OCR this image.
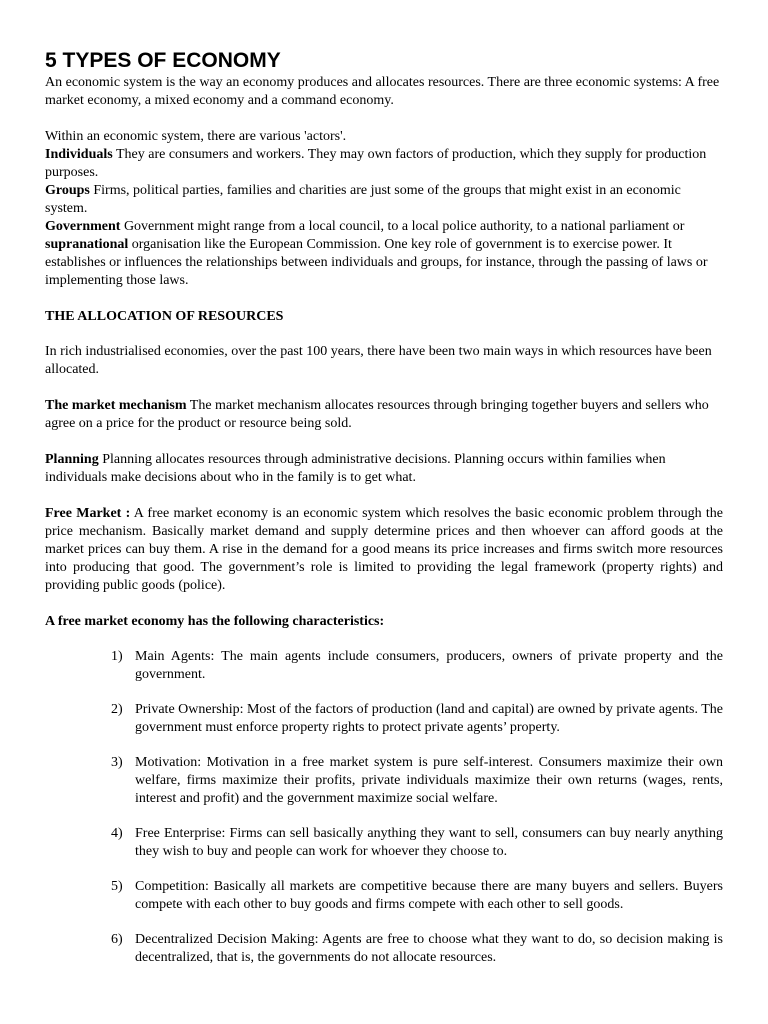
5 TYPES OF ECONOMY

An economic system is the way an economy produces and allocates resources. There are three economic systems: A free market economy, a mixed economy and a command economy.

Within an economic system, there are various 'actors'.

Individuals They are consumers and workers. They may own factors of production, which they supply for production purposes.

Groups Firms, political parties, families and charities are just some of the groups that might exist in an economic system.

Government Government might range from a local council, to a local police authority, to a national parliament or supranational organisation like the European Commission. One key role of government is to exercise power. It establishes or influences the relationships between individuals and groups, for instance, through the passing of laws or implementing those laws.

THE ALLOCATION OF RESOURCES

In rich industrialised economies, over the past 100 years, there have been two main ways in which resources have been allocated.

The market mechanism The market mechanism allocates resources through bringing together buyers and sellers who agree on a price for the product or resource being sold.

Planning Planning allocates resources through administrative decisions. Planning occurs within families when individuals make decisions about who in the family is to get what.

Free Market : A free market economy is an economic system which resolves the basic economic problem through the price mechanism. Basically market demand and supply determine prices and then whoever can afford goods at the market prices can buy them. A rise in the demand for a good means its price increases and firms switch more resources into producing that good. The government’s role is limited to providing the legal framework (property rights) and providing public goods (police).

A free market economy has the following characteristics:

1) Main Agents: The main agents include consumers, producers, owners of private property and the government.
2) Private Ownership: Most of the factors of production (land and capital) are owned by private agents. The government must enforce property rights to protect private agents’ property.
3) Motivation: Motivation in a free market system is pure self-interest. Consumers maximize their own welfare, firms maximize their profits, private individuals maximize their own returns (wages, rents, interest and profit) and the government maximize social welfare.
4) Free Enterprise: Firms can sell basically anything they want to sell, consumers can buy nearly anything they wish to buy and people can work for whoever they choose to.
5) Competition: Basically all markets are competitive because there are many buyers and sellers. Buyers compete with each other to buy goods and firms compete with each other to sell goods.
6) Decentralized Decision Making: Agents are free to choose what they want to do, so decision making is decentralized, that is, the governments do not allocate resources.
